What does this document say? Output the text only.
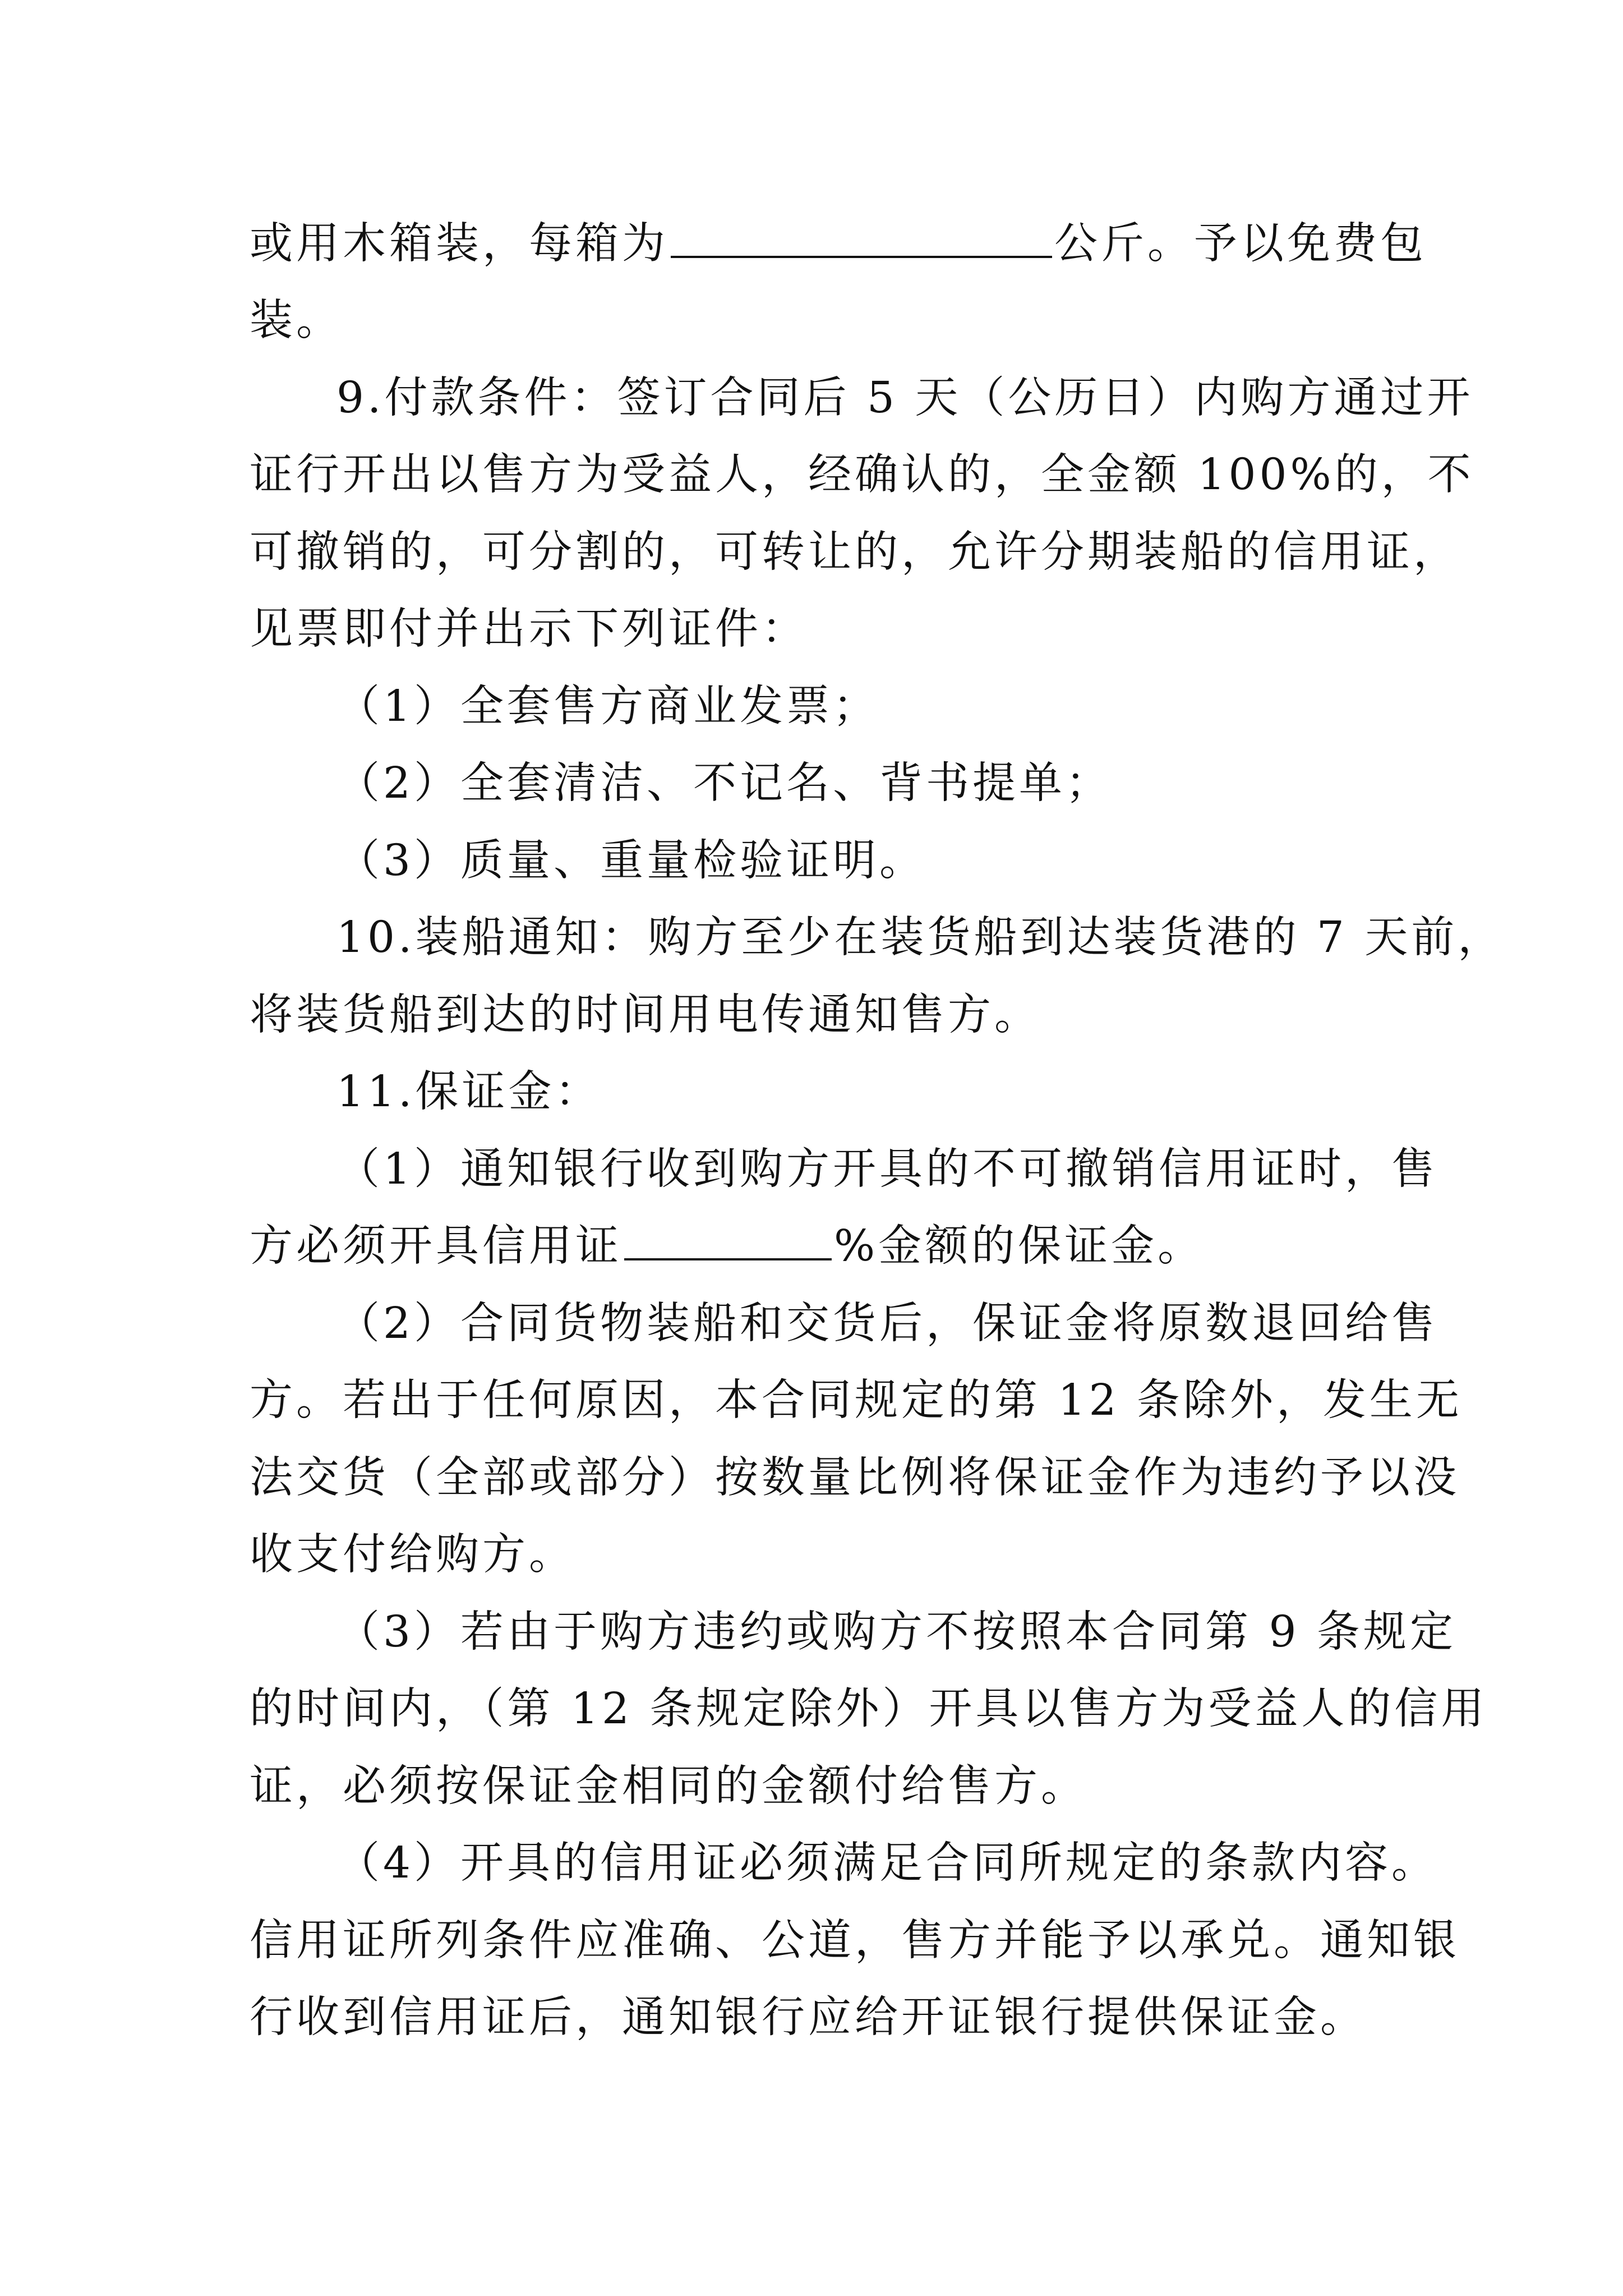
或用木箱装，每箱为	公斤。予以免费包
装。
9.付款条件：签订合同后 5 天（公历日）内购方通过开
证行开出以售方为受益人，经确认的，全金额 100%的，不
可撤销的，可分割的，可转让的，允许分期装船的信用证，
见票即付并出示下列证件：
（1）全套售方商业发票；
（2）全套清洁、不记名、背书提单；
（3）质量、重量检验证明。
10.装船通知：购方至少在装货船到达装货港的 7 天前，
将装货船到达的时间用电传通知售方。
11.保证金：
（1）通知银行收到购方开具的不可撤销信用证时，售
方必须开具信用证	%金额的保证金。
（2）合同货物装船和交货后，保证金将原数退回给售
方。若出于任何原因，本合同规定的第 12 条除外，发生无
法交货（全部或部分）按数量比例将保证金作为违约予以没
收支付给购方。
（3）若由于购方违约或购方不按照本合同第 9 条规定
的时间内，（第 12 条规定除外）开具以售方为受益人的信用
证，必须按保证金相同的金额付给售方。
（4）开具的信用证必须满足合同所规定的条款内容。
信用证所列条件应准确、公道，售方并能予以承兑。通知银
行收到信用证后，通知银行应给开证银行提供保证金。
